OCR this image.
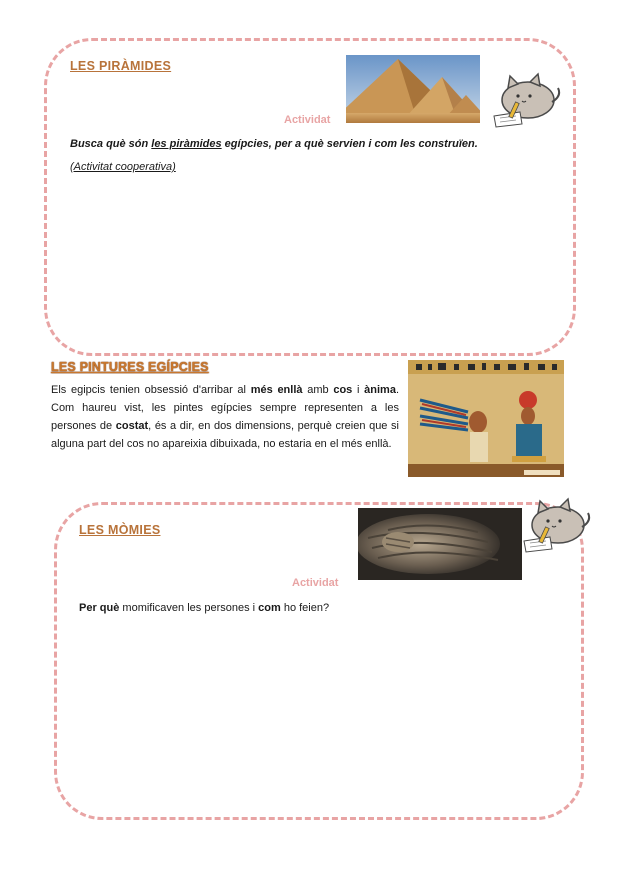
LES PIRÀMIDES
Actividat
Busca què són les piràmides egípcies, per a què servien i com les construïen.
(Activitat cooperativa)
LES PINTURES EGÍPCIES
Els egipcis tenien obsessió d'arribar al més enllà amb cos i ànima. Com haureu vist, les pintes egípcies sempre representen a les persones de costat, és a dir, en dos dimensions, perquè creien que si alguna part del cos no apareixia dibuixada, no estaria en el més enllà.
LES MÒMIES
Actividat
Per què momificaven les persones i com ho feien?
